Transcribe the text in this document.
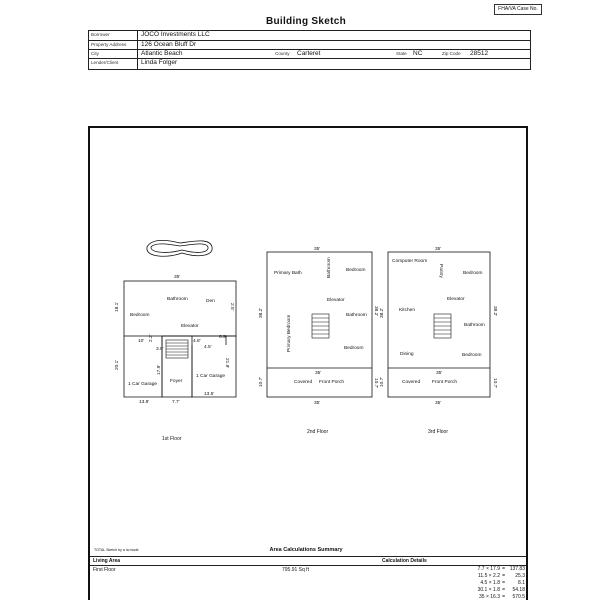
FHA/VA Case No.
Building Sketch
Borrower	JOCO Investments LLC
Property Address 126 Ocean Bluff Dr
City	Atlantic Beach	County Carteret	State NC	Zip Code 28512
Lender/Client	Linda Folger
35'
18.1'
10' 2.2'
3.8'
4.8'
4.5'
6.9'
2.5'
17.9'
20.1'	21.9'
13.8'	7.7'
13.5'
Bathroom	Den
Bedroom
Elevator
1 Car Garage
Foyer
1 Car Garage
1st Floor
35'
38.2'	38.2'
35'
10.7'	10.7'
35'
Primary Bath	Bathroom	Bedroom
Elevator
Primary Bedroom	Bathroom
Bedroom
Covered Front Porch
2nd Floor
35'
38.2'	38.2'
35'
10.7'	10.7'
35'
Computer Room
Pantry	Bedroom
Elevator
Kitchen
Bathroom
Dining	Bedroom
Covered Front Porch
3rd Floor
TOTAL Sketch by a la mode	Area Calculations Summary
Living Area	Calculation Details
First Floor	795.91 Sq ft	7.7 × 17.9 = 137.83
11.5 × 2.2 = 25.3
4.5 × 1.8 =	8.1
30.1 × 1.8 = 54.18
35 × 16.3 = 570.5
